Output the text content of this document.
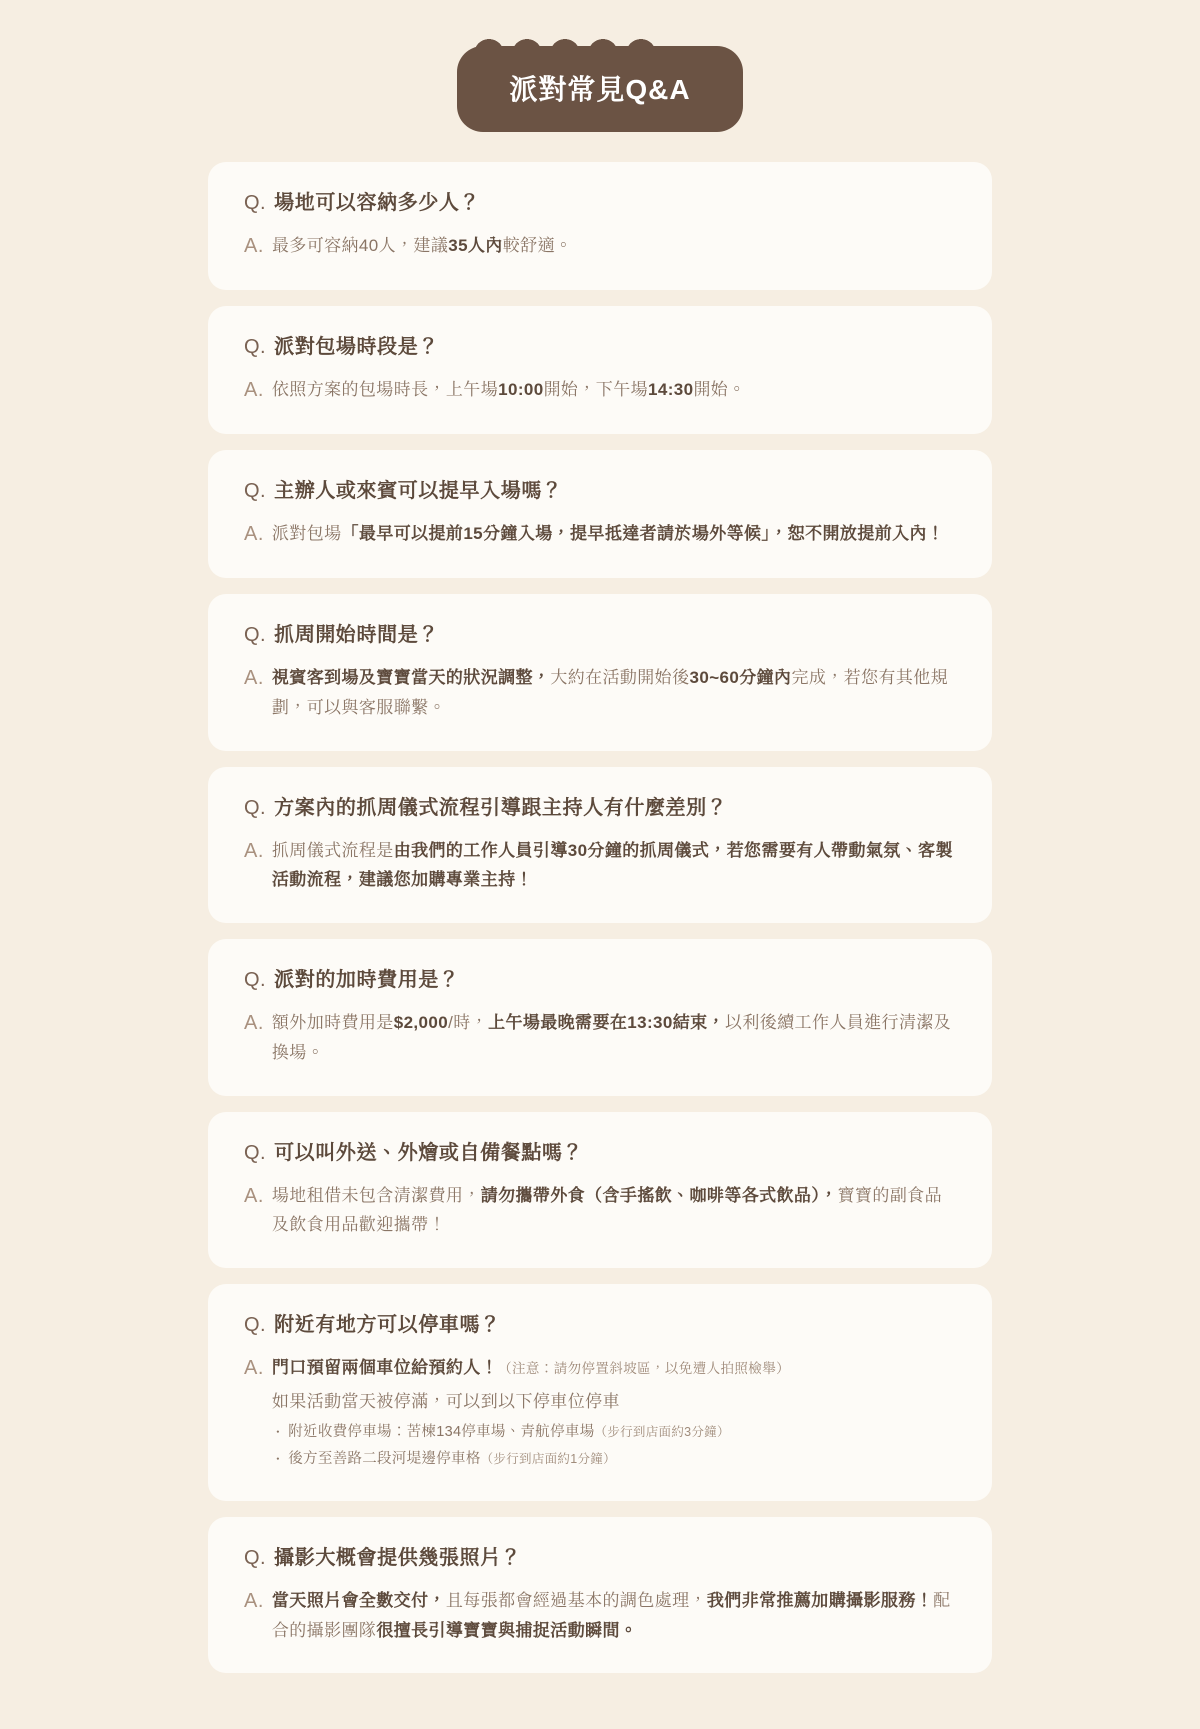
派對常見Q&A
Q. 場地可以容納多少人？
A. 最多可容納40人，建議35人內較舒適。
Q. 派對包場時段是？
A. 依照方案的包場時長，上午場10:00開始，下午場14:30開始。
Q. 主辦人或來賓可以提早入場嗎？
A. 派對包場「最早可以提前15分鐘入場，提早抵達者請於場外等候」，恕不開放提前入內！
Q. 抓周開始時間是？
A. 視賓客到場及寶寶當天的狀況調整，大約在活動開始後30~60分鐘內完成，若您有其他規劃，可以與客服聯繫。
Q. 方案內的抓周儀式流程引導跟主持人有什麼差別？
A. 抓周儀式流程是由我們的工作人員引導30分鐘的抓周儀式，若您需要有人帶動氣氛、客製活動流程，建議您加購專業主持！
Q. 派對的加時費用是？
A. 額外加時費用是$2,000/時，上午場最晚需要在13:30結束，以利後續工作人員進行清潔及換場。
Q. 可以叫外送、外燴或自備餐點嗎？
A. 場地租借未包含清潔費用，請勿攜帶外食（含手搖飲、咖啡等各式飲品），寶寶的副食品及飲食用品歡迎攜帶！
Q. 附近有地方可以停車嗎？
A. 門口預留兩個車位給預約人！（注意：請勿停置斜坡區，以免遭人拍照檢舉）
如果活動當天被停滿，可以到以下停車位停車
・ 附近收費停車場：苦楝134停車場、青航停車場（步行到店面約3分鐘）
・ 後方至善路二段河堤邊停車格（步行到店面約1分鐘）
Q. 攝影大概會提供幾張照片？
A. 當天照片會全數交付，且每張都會經過基本的調色處理，我們非常推薦加購攝影服務！配合的攝影團隊很擅長引導寶寶與捕捉活動瞬間。
